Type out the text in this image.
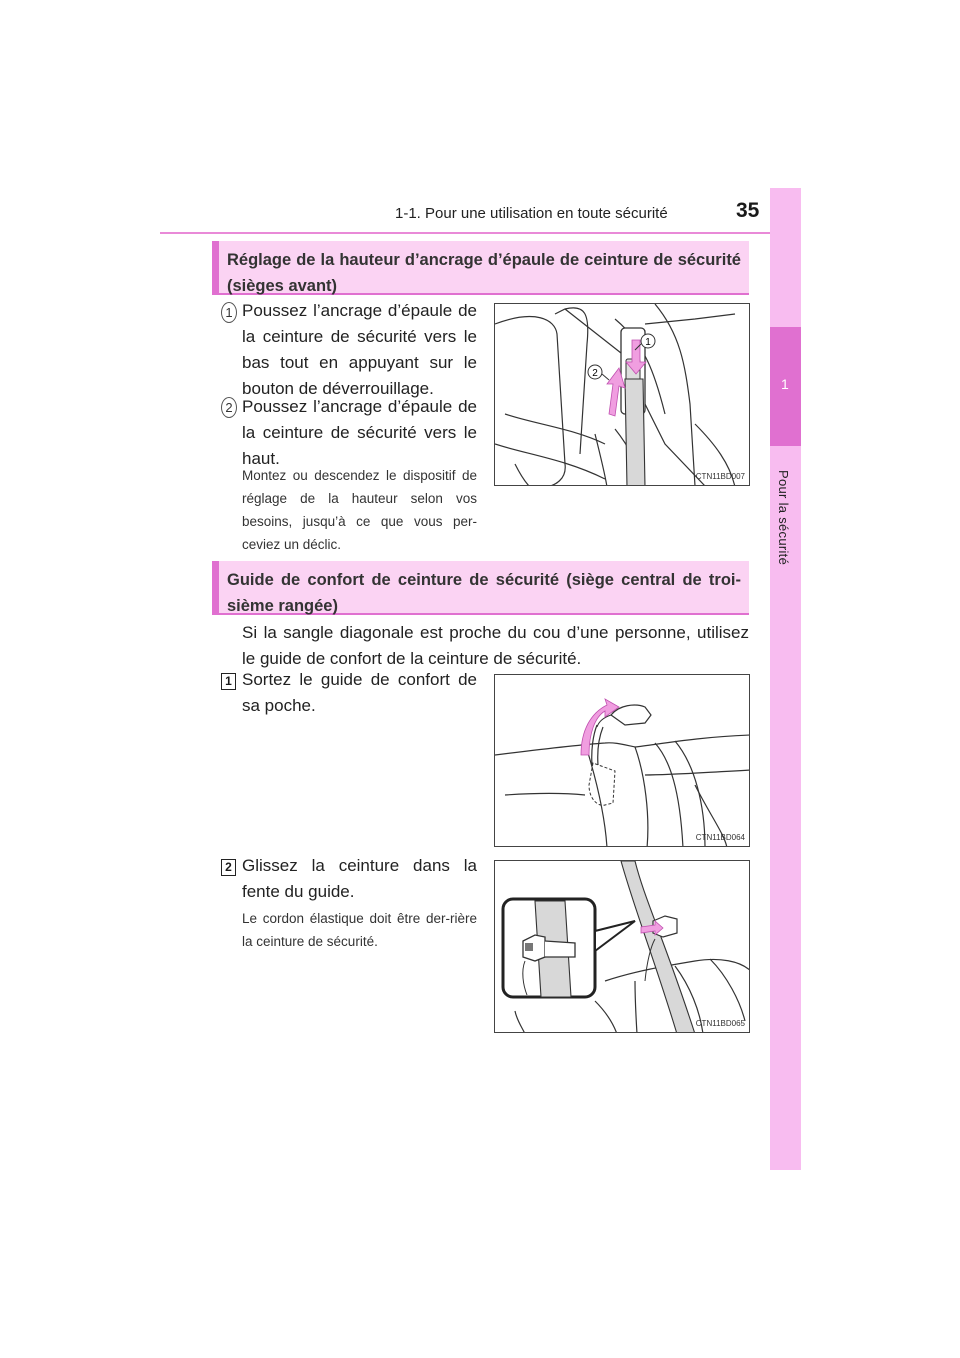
1-1. Pour une utilisation en toute sécurité	35
1
Pour la sécurité
Réglage de la hauteur d’ancrage d’épaule de ceinture de sécurité (sièges avant)
1 Poussez l’ancrage d’épaule de la ceinture de sécurité vers le bas tout en appuyant sur le bouton de déverrouillage.
2 Poussez l’ancrage d’épaule de la ceinture de sécurité vers le haut.
Montez ou descendez le dispositif de réglage de la hauteur selon vos besoins, jusqu’à ce que vous per-ceviez un déclic.
1
2
CTN11BD007
Guide de confort de ceinture de sécurité (siège central de troi-sième rangée)
Si la sangle diagonale est proche du cou d’une personne, utilisez le guide de confort de la ceinture de sécurité.
1 Sortez le guide de confort de sa poche.
CTN11BD064
2 Glissez la ceinture dans la fente du guide.
Le cordon élastique doit être der-rière la ceinture de sécurité.
CTN11BD065
